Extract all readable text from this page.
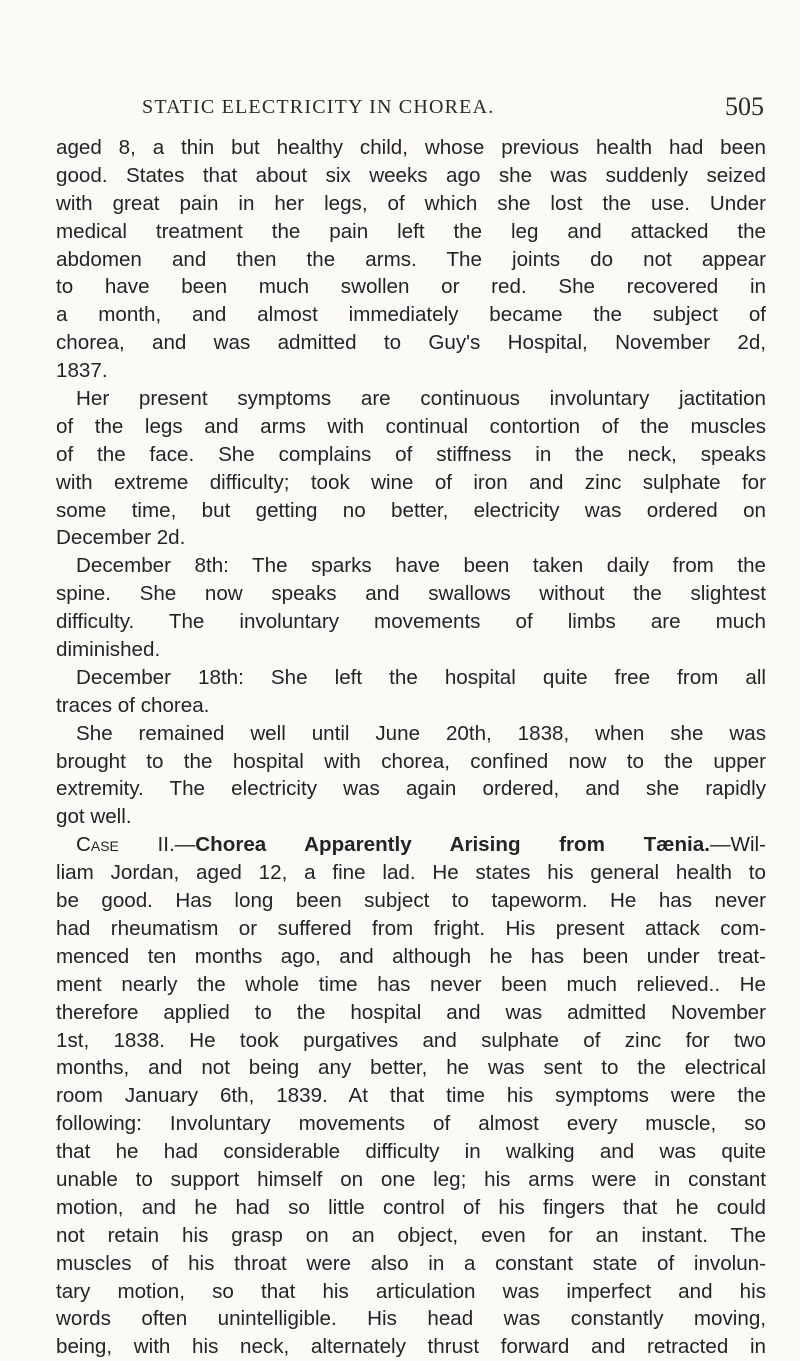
STATIC ELECTRICITY IN CHOREA.	505
aged 8, a thin but healthy child, whose previous health had been
good. States that about six weeks ago she was suddenly seized
with great pain in her legs, of which she lost the use. Under
medical treatment the pain left the leg and attacked the
abdomen and then the arms. The joints do not appear
to have been much swollen or red. She recovered in
a month, and almost immediately became the subject of
chorea, and was admitted to Guy's Hospital, November 2d,
1837.
Her present symptoms are continuous involuntary jactitation
of the legs and arms with continual contortion of the muscles
of the face. She complains of stiffness in the neck, speaks
with extreme difficulty; took wine of iron and zinc sulphate for
some time, but getting no better, electricity was ordered on
December 2d.
December 8th: The sparks have been taken daily from the
spine. She now speaks and swallows without the slightest
difficulty. The involuntary movements of limbs are much
diminished.
December 18th: She left the hospital quite free from all
traces of chorea.
She remained well until June 20th, 1838, when she was
brought to the hospital with chorea, confined now to the upper
extremity. The electricity was again ordered, and she rapidly
got well.
Case II.—Chorea Apparently Arising from Tænia.—Wil-
liam Jordan, aged 12, a fine lad. He states his general health to
be good. Has long been subject to tapeworm. He has never
had rheumatism or suffered from fright. His present attack com-
menced ten months ago, and although he has been under treat-
ment nearly the whole time has never been much relieved.. He
therefore applied to the hospital and was admitted November
1st, 1838. He took purgatives and sulphate of zinc for two
months, and not being any better, he was sent to the electrical
room January 6th, 1839. At that time his symptoms were the
following: Involuntary movements of almost every muscle, so
that he had considerable difficulty in walking and was quite
unable to support himself on one leg; his arms were in constant
motion, and he had so little control of his fingers that he could
not retain his grasp on an object, even for an instant. The
muscles of his throat were also in a constant state of involun-
tary motion, so that his articulation was imperfect and his
words often unintelligible. His head was constantly moving,
being, with his neck, alternately thrust forward and retracted in
